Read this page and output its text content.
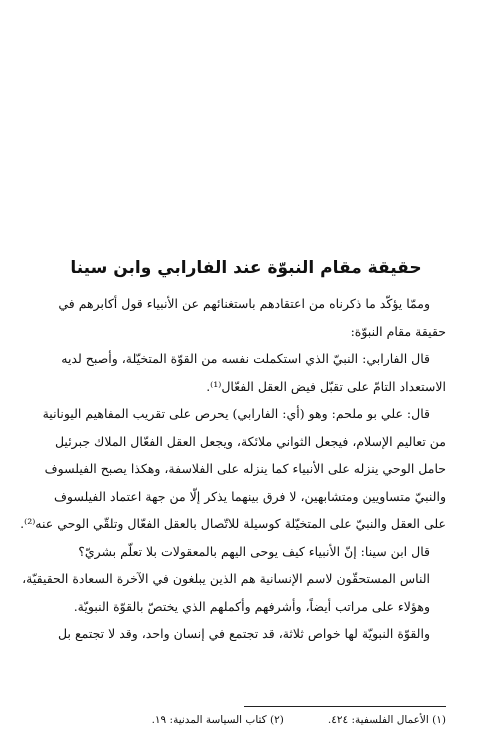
حقيقة مقام النبوّة عند الفارابي وابن سينا
وممّا يؤكّد ما ذكرناه من اعتقادهم باستغنائهم عن الأنبياء قول أكابرهم في
حقيقة مقام النبوّة:
قال الفارابي: النبيّ الذي استكملت نفسه من القوّة المتخيّلة، وأصبح لديه
الاستعداد التامّ على تقبّل فيض العقل الفعّال⁽¹⁾.
قال: علي بو ملحم: وهو (أي: الفارابي) يحرص على تقريب المفاهيم اليونانية
من تعاليم الإسلام، فيجعل الثواني ملائكة، ويجعل العقل الفعّال الملاك جبرئيل
حامل الوحي ينزله على الأنبياء كما ينزله على الفلاسفة، وهكذا يصبح الفيلسوف
والنبيّ متساويين ومتشابهين، لا فرق بينهما يذكر إلّا من جهة اعتماد الفيلسوف
على العقل والنبيّ على المتخيّلة كوسيلة للاتّصال بالعقل الفعّال وتلقّي الوحي عنه⁽²⁾.
قال ابن سينا: إنّ الأنبياء كيف يوحى اليهم بالمعقولات بلا تعلّم بشريّ؟
الناس المستحقّون لاسم الإنسانية هم الذين يبلغون في الآخرة السعادة الحقيقيّة،
وهؤلاء على مراتب أيضاً، وأشرفهم وأكملهم الذي يختصّ بالقوّة النبويّة.
والقوّة النبويّة لها خواص ثلاثة، قد تجتمع في إنسان واحد، وقد لا تجتمع بل
(١) الأعمال الفلسفية: ٤٢٤.(٢) كتاب السياسة المدنية: ١٩.
